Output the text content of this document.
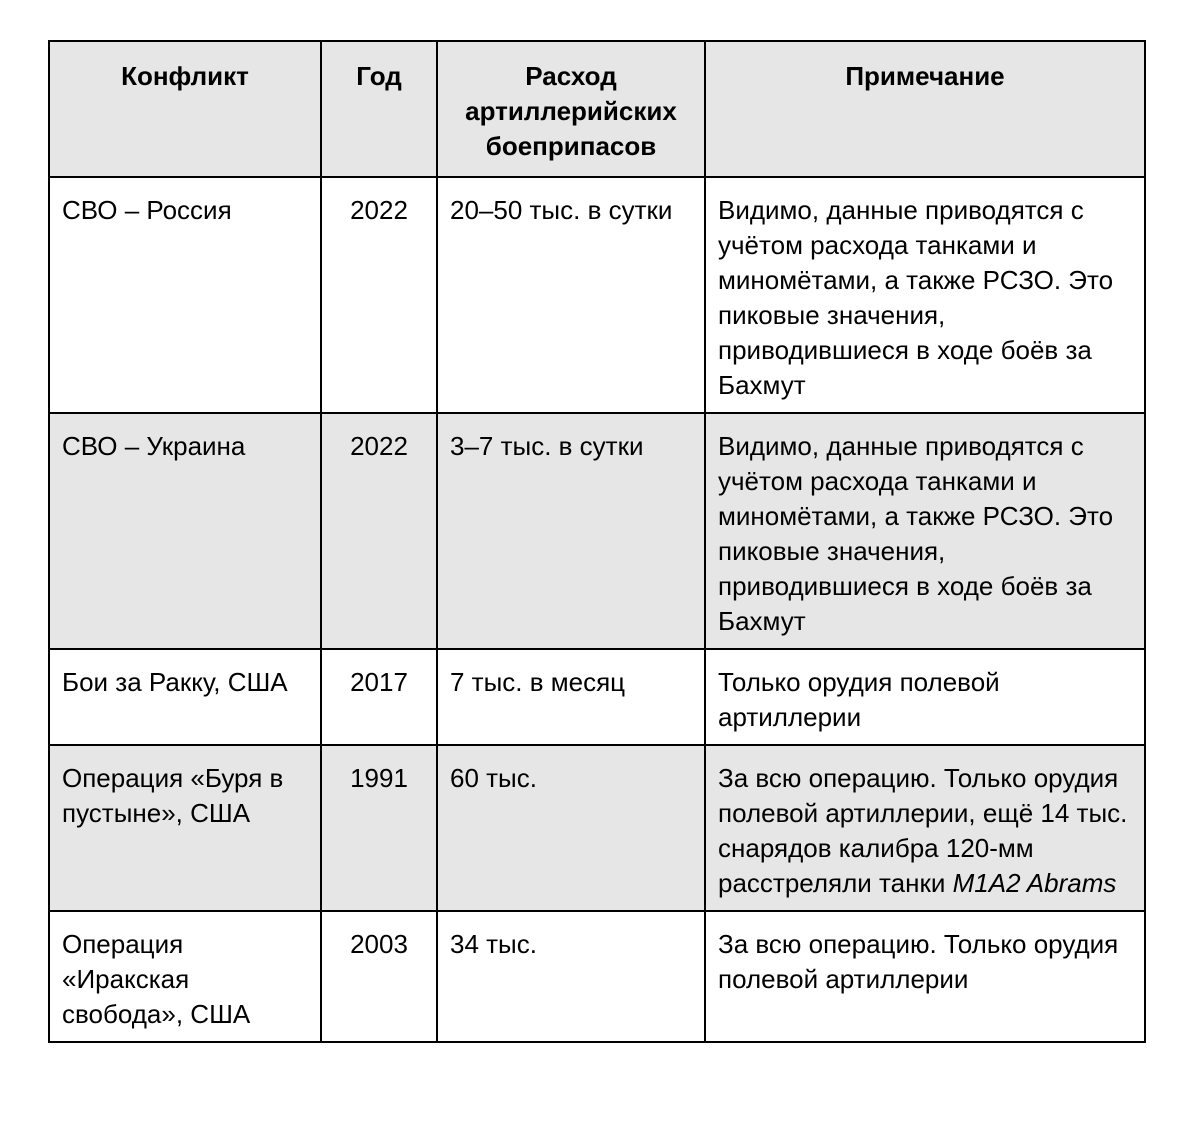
Конфликт	Год	Расход артиллерийских боеприпасов	Примечание
СВО – Россия	2022	20–50 тыс. в сутки	Видимо, данные приводятся с учётом расхода танками и миномётами, а также РСЗО. Это пиковые значения, приводившиеся в ходе боёв за Бахмут
СВО – Украина	2022	3–7 тыс. в сутки	Видимо, данные приводятся с учётом расхода танками и миномётами, а также РСЗО. Это пиковые значения, приводившиеся в ходе боёв за Бахмут
Бои за Ракку, США	2017	7 тыс. в месяц	Только орудия полевой артиллерии
Операция «Буря в пустыне», США	1991	60 тыс.	За всю операцию. Только орудия полевой артиллерии, ещё 14 тыс. снарядов калибра 120-мм расстреляли танки M1A2 Abrams
Операция «Иракская свобода», США	2003	34 тыс.	За всю операцию. Только орудия полевой артиллерии
